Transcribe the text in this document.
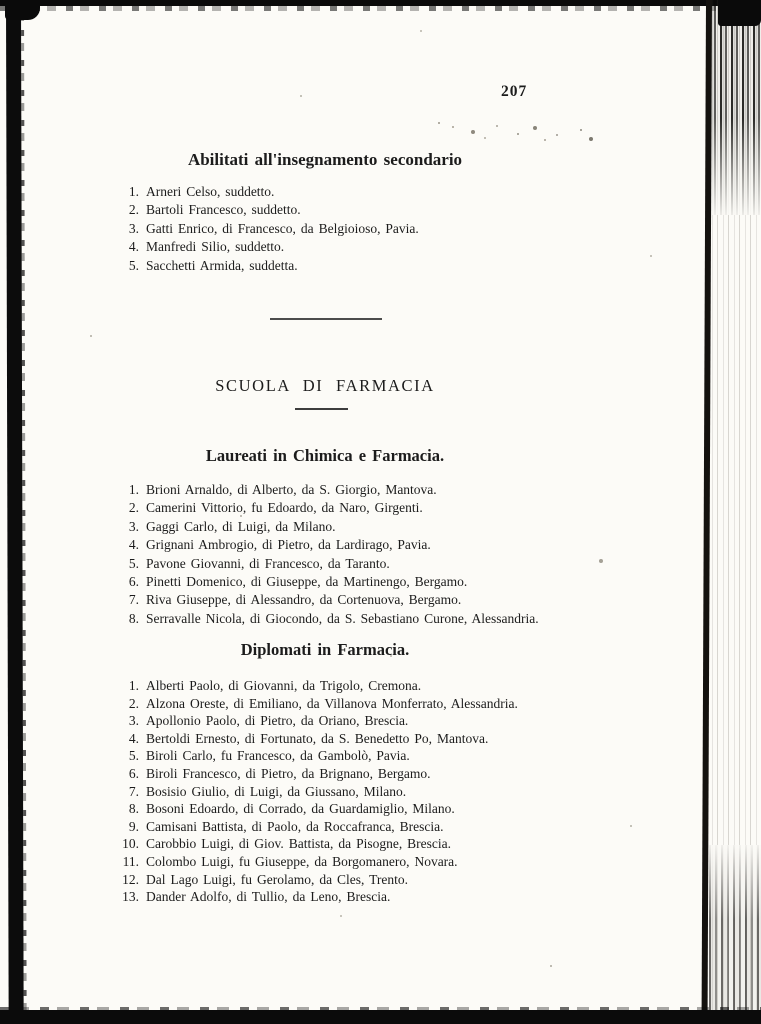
207
Abilitati all'insegnamento secondario
1. Arneri Celso, suddetto.
2. Bartoli Francesco, suddetto.
3. Gatti Enrico, di Francesco, da Belgioioso, Pavia.
4. Manfredi Silio, suddetto.
5. Sacchetti Armida, suddetta.
SCUOLA DI FARMACIA
Laureati in Chimica e Farmacia.
1. Brioni Arnaldo, di Alberto, da S. Giorgio, Mantova.
2. Camerini Vittorio, fu Edoardo, da Naro, Girgenti.
3. Gaggi Carlo, di Luigi, da Milano.
4. Grignani Ambrogio, di Pietro, da Lardirago, Pavia.
5. Pavone Giovanni, di Francesco, da Taranto.
6. Pinetti Domenico, di Giuseppe, da Martinengo, Bergamo.
7. Riva Giuseppe, di Alessandro, da Cortenuova, Bergamo.
8. Serravalle Nicola, di Giocondo, da S. Sebastiano Curone, Alessandria.
Diplomati in Farmacia.
1. Alberti Paolo, di Giovanni, da Trigolo, Cremona.
2. Alzona Oreste, di Emiliano, da Villanova Monferrato, Alessandria.
3. Apollonio Paolo, di Pietro, da Oriano, Brescia.
4. Bertoldi Ernesto, di Fortunato, da S. Benedetto Po, Mantova.
5. Biroli Carlo, fu Francesco, da Gambolò, Pavia.
6. Biroli Francesco, di Pietro, da Brignano, Bergamo.
7. Bosisio Giulio, di Luigi, da Giussano, Milano.
8. Bosoni Edoardo, di Corrado, da Guardamiglio, Milano.
9. Camisani Battista, di Paolo, da Roccafranca, Brescia.
10. Carobbio Luigi, di Giov. Battista, da Pisogne, Brescia.
11. Colombo Luigi, fu Giuseppe, da Borgomanero, Novara.
12. Dal Lago Luigi, fu Gerolamo, da Cles, Trento.
13. Dander Adolfo, di Tullio, da Leno, Brescia.
